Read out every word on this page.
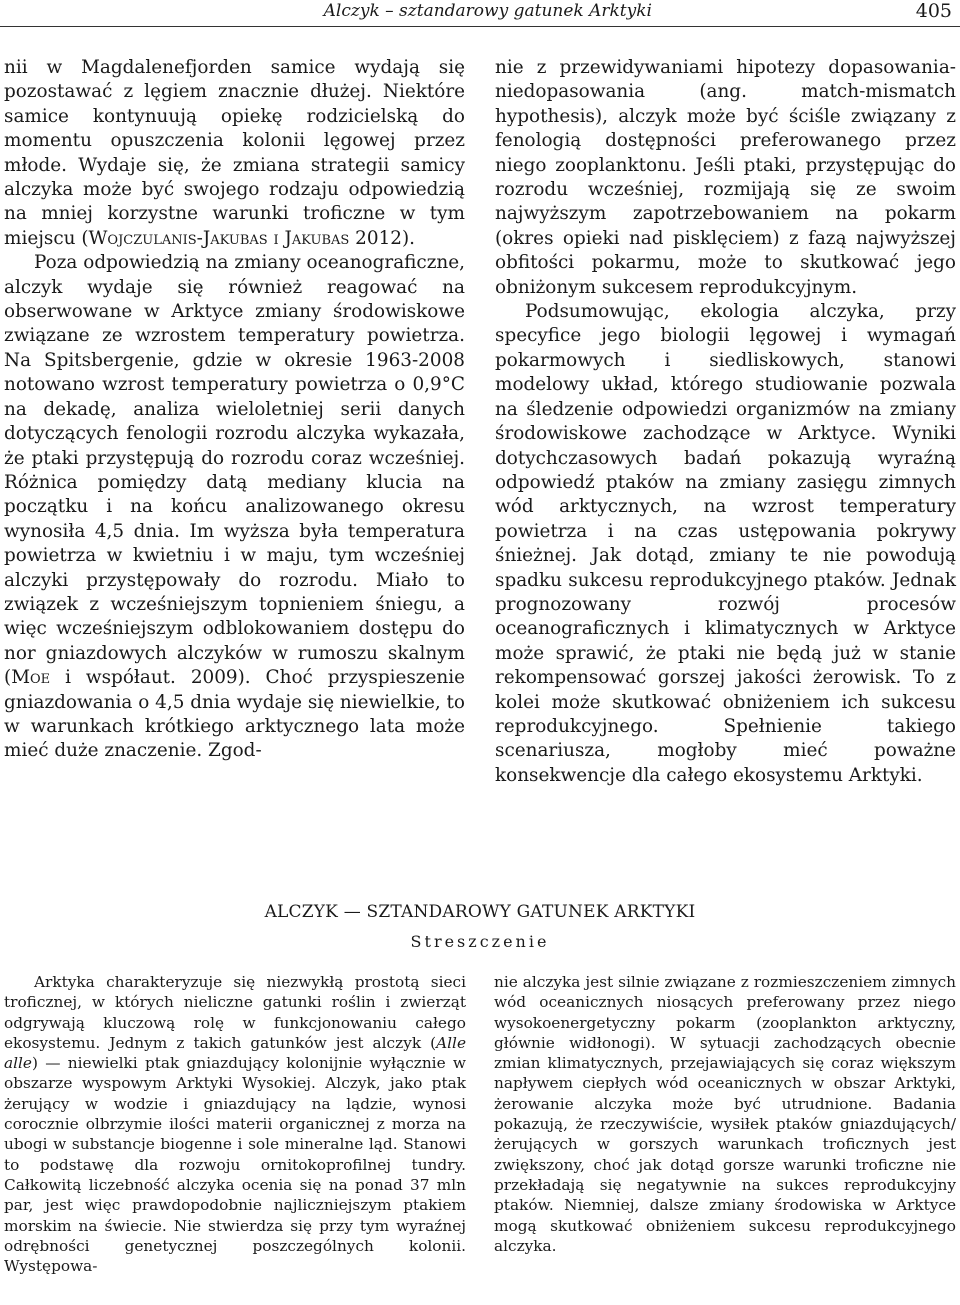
Alczyk – sztandarowy gatunek Arktyki	405

nii w Magdalenefjorden samice wydają się pozostawać z lęgiem znacznie dłużej. Niektóre samice kontynuują opiekę rodzicielską do momentu opuszczenia kolonii lęgowej przez młode. Wydaje się, że zmiana strategii samicy alczyka może być swojego rodzaju odpowiedzią na mniej korzystne warunki troficzne w tym miejscu (Wojczulanis-Jakubas i Jakubas 2012).

Poza odpowiedzią na zmiany oceanograficzne, alczyk wydaje się również reagować na obserwowane w Arktyce zmiany środowiskowe związane ze wzrostem temperatury powietrza. Na Spitsbergenie, gdzie w okresie 1963-2008 notowano wzrost temperatury powietrza o 0,9°C na dekadę, analiza wieloletniej serii danych dotyczących fenologii rozrodu alczyka wykazała, że ptaki przystępują do rozrodu coraz wcześniej. Różnica pomiędzy datą mediany klucia na początku i na końcu analizowanego okresu wynosiła 4,5 dnia. Im wyższa była temperatura powietrza w kwietniu i w maju, tym wcześniej alczyki przystępowały do rozrodu. Miało to związek z wcześniejszym topnieniem śniegu, a więc wcześniejszym odblokowaniem dostępu do nor gniazdowych alczyków w rumoszu skalnym (Moe i współaut. 2009). Choć przyspieszenie gniazdowania o 4,5 dnia wydaje się niewielkie, to w warunkach krótkiego arktycznego lata może mieć duże znaczenie. Zgod-

nie z przewidywaniami hipotezy dopasowania-niedopasowania (ang. match-mismatch hypothesis), alczyk może być ściśle związany z fenologią dostępności preferowanego przez niego zooplanktonu. Jeśli ptaki, przystępując do rozrodu wcześniej, rozmijają się ze swoim najwyższym zapotrzebowaniem na pokarm (okres opieki nad pisklęciem) z fazą najwyższej obfitości pokarmu, może to skutkować jego obniżonym sukcesem reprodukcyjnym.

Podsumowując, ekologia alczyka, przy specyfice jego biologii lęgowej i wymagań pokarmowych i siedliskowych, stanowi modelowy układ, którego studiowanie pozwala na śledzenie odpowiedzi organizmów na zmiany środowiskowe zachodzące w Arktyce. Wyniki dotychczasowych badań pokazują wyraźną odpowiedź ptaków na zmiany zasięgu zimnych wód arktycznych, na wzrost temperatury powietrza i na czas ustępowania pokrywy śnieżnej. Jak dotąd, zmiany te nie powodują spadku sukcesu reprodukcyjnego ptaków. Jednak prognozowany rozwój procesów oceanograficznych i klimatycznych w Arktyce może sprawić, że ptaki nie będą już w stanie rekompensować gorszej jakości żerowisk. To z kolei może skutkować obniżeniem ich sukcesu reprodukcyjnego. Spełnienie takiego scenariusza, mogłoby mieć poważne konsekwencje dla całego ekosystemu Arktyki.

ALCZYK — SZTANDAROWY GATUNEK ARKTYKI
Streszczenie

Arktyka charakteryzuje się niezwykłą prostotą sieci troficznej, w których nieliczne gatunki roślin i zwierząt odgrywają kluczową rolę w funkcjonowaniu całego ekosystemu. Jednym z takich gatunków jest alczyk (Alle alle) — niewielki ptak gniazdujący kolonijnie wyłącznie w obszarze wyspowym Arktyki Wysokiej. Alczyk, jako ptak żerujący w wodzie i gniazdujący na lądzie, wynosi corocznie olbrzymie ilości materii organicznej z morza na ubogi w substancje biogenne i sole mineralne ląd. Stanowi to podstawę dla rozwoju ornitokoprofilnej tundry. Całkowitą liczebność alczyka ocenia się na ponad 37 mln par, jest więc prawdopodobnie najliczniejszym ptakiem morskim na świecie. Nie stwierdza się przy tym wyraźnej odrębności genetycznej poszczególnych kolonii. Występowa-

nie alczyka jest silnie związane z rozmieszczeniem zimnych wód oceanicznych niosących preferowany przez niego wysokoenergetyczny pokarm (zooplankton arktyczny, głównie widłonogi). W sytuacji zachodzących obecnie zmian klimatycznych, przejawiających się coraz większym napływem ciepłych wód oceanicznych w obszar Arktyki, żerowanie alczyka może być utrudnione. Badania pokazują, że rzeczywiście, wysiłek ptaków gniazdujących/żerujących w gorszych warunkach troficznych jest zwiększony, choć jak dotąd gorsze warunki troficzne nie przekładają się negatywnie na sukces reprodukcyjny ptaków. Niemniej, dalsze zmiany środowiska w Arktyce mogą skutkować obniżeniem sukcesu reprodukcyjnego alczyka.
